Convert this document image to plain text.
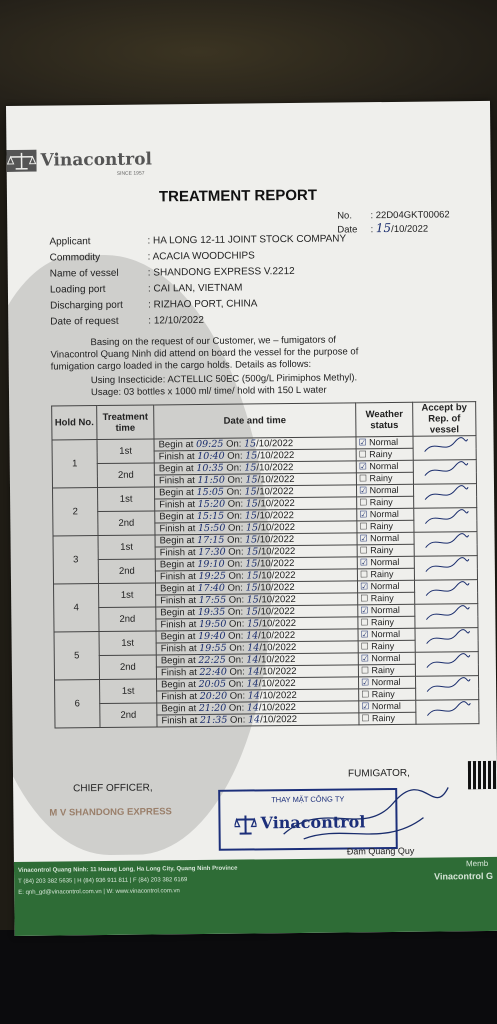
Vinacontrol
SINCE 1957
TREATMENT REPORT
No.       : 22D04GKT00062
Date     : 15/10/2022
Applicant	: HA LONG 12-11 JOINT STOCK COMPANY
Commodity	: ACACIA WOODCHIPS
Name of vessel	: SHANDONG EXPRESS V.2212
Loading port	: CAI LAN, VIETNAM
Discharging port	: RIZHAO PORT, CHINA
Date of request	: 12/10/2022
Basing on the request of our Customer, we – fumigators of Vinacontrol Quang Ninh did attend on board the vessel for the purpose of fumigation cargo loaded in the cargo holds. Details as follows:
Using Insecticide: ACTELLIC 50EC (500g/L Pirimiphos Methyl).
Usage: 03 bottles x 1000 ml/ time/ hold with 150 L water
Hold No.	Treatment time	Date and time	Weather status	Accept by Rep. of vessel
1	1st	Begin at 09:25 On: 15/10/2022	☑ Normal	
		Finish at 10:40 On: 15/10/2022	☐ Rainy	
	2nd	Begin at 10:35 On: 15/10/2022	☑ Normal	
		Finish at 11:50 On: 15/10/2022	☐ Rainy	
2	1st	Begin at 15:05 On: 15/10/2022	☑ Normal	
		Finish at 15:20 On: 15/10/2022	☐ Rainy	
	2nd	Begin at 15:15 On: 15/10/2022	☑ Normal	
		Finish at 15:50 On: 15/10/2022	☐ Rainy	
3	1st	Begin at 17:15 On: 15/10/2022	☑ Normal	
		Finish at 17:30 On: 15/10/2022	☐ Rainy	
	2nd	Begin at 19:10 On: 15/10/2022	☑ Normal	
		Finish at 19:25 On: 15/10/2022	☐ Rainy	
4	1st	Begin at 17:40 On: 15/10/2022	☑ Normal	
		Finish at 17:55 On: 15/10/2022	☐ Rainy	
	2nd	Begin at 19:35 On: 15/10/2022	☑ Normal	
		Finish at 19:50 On: 15/10/2022	☐ Rainy	
5	1st	Begin at 19:40 On: 14/10/2022	☑ Normal	
		Finish at 19:55 On: 14/10/2022	☐ Rainy	
	2nd	Begin at 22:25 On: 14/10/2022	☑ Normal	
		Finish at 22:40 On: 14/10/2022	☐ Rainy	
6	1st	Begin at 20:05 On: 14/10/2022	☑ Normal	
		Finish at 20:20 On: 14/10/2022	☐ Rainy	
	2nd	Begin at 21:20 On: 14/10/2022	☑ Normal	
		Finish at 21:35 On: 14/10/2022	☐ Rainy	
CHIEF OFFICER,
M V SHANDONG EXPRESS
FUMIGATOR,
THAY MẶT CÔNG TY
Vinacontrol
Đam Quang Quy
Vinacontrol Quang Ninh: 11 Hoang Long, Ha Long City, Quang Ninh Province
T (84) 203 382 5635 | H (84) 936 911 811 | F (84) 203 382 6169
E: qnh_gd@vinacontrol.com.vn | W: www.vinacontrol.com.vn
Memb
Vinacontrol G
